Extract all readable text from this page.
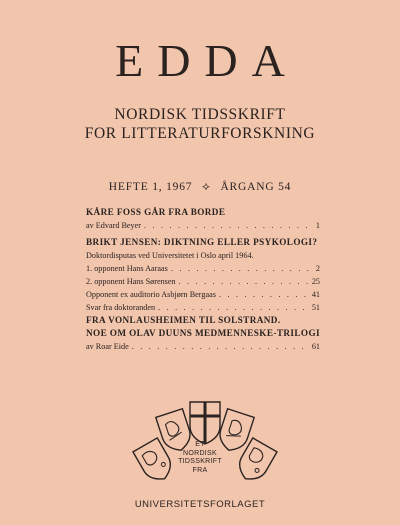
EDDA
NORDISK TIDSSKRIFT
FOR LITTERATURFORSKNING
HEFTE 1, 1967 ⟡ ÅRGANG 54
KÅRE FOSS GÅR FRA BORDE
av Edvard Beyer . . .	1
BRIKT JENSEN: DIKTNING ELLER PSYKOLOGI?
Doktordisputas ved Universitetet i Oslo april 1964.
1. opponent Hans Aaraas . . .	2
2. opponent Hans Sørensen . . .	25
Opponent ex auditorio Asbjørn Bergaas . . .	41
Svar fra doktoranden . . .	51
FRA VONLAUSHEIMEN TIL SOLSTRAND.
NOE OM OLAV DUUNS MEDMENNESKE-TRILOGI
av Roar Eide . . .	61
ET
NORDISK
TIDSSKRIFT
FRA
UNIVERSITETSFORLAGET
